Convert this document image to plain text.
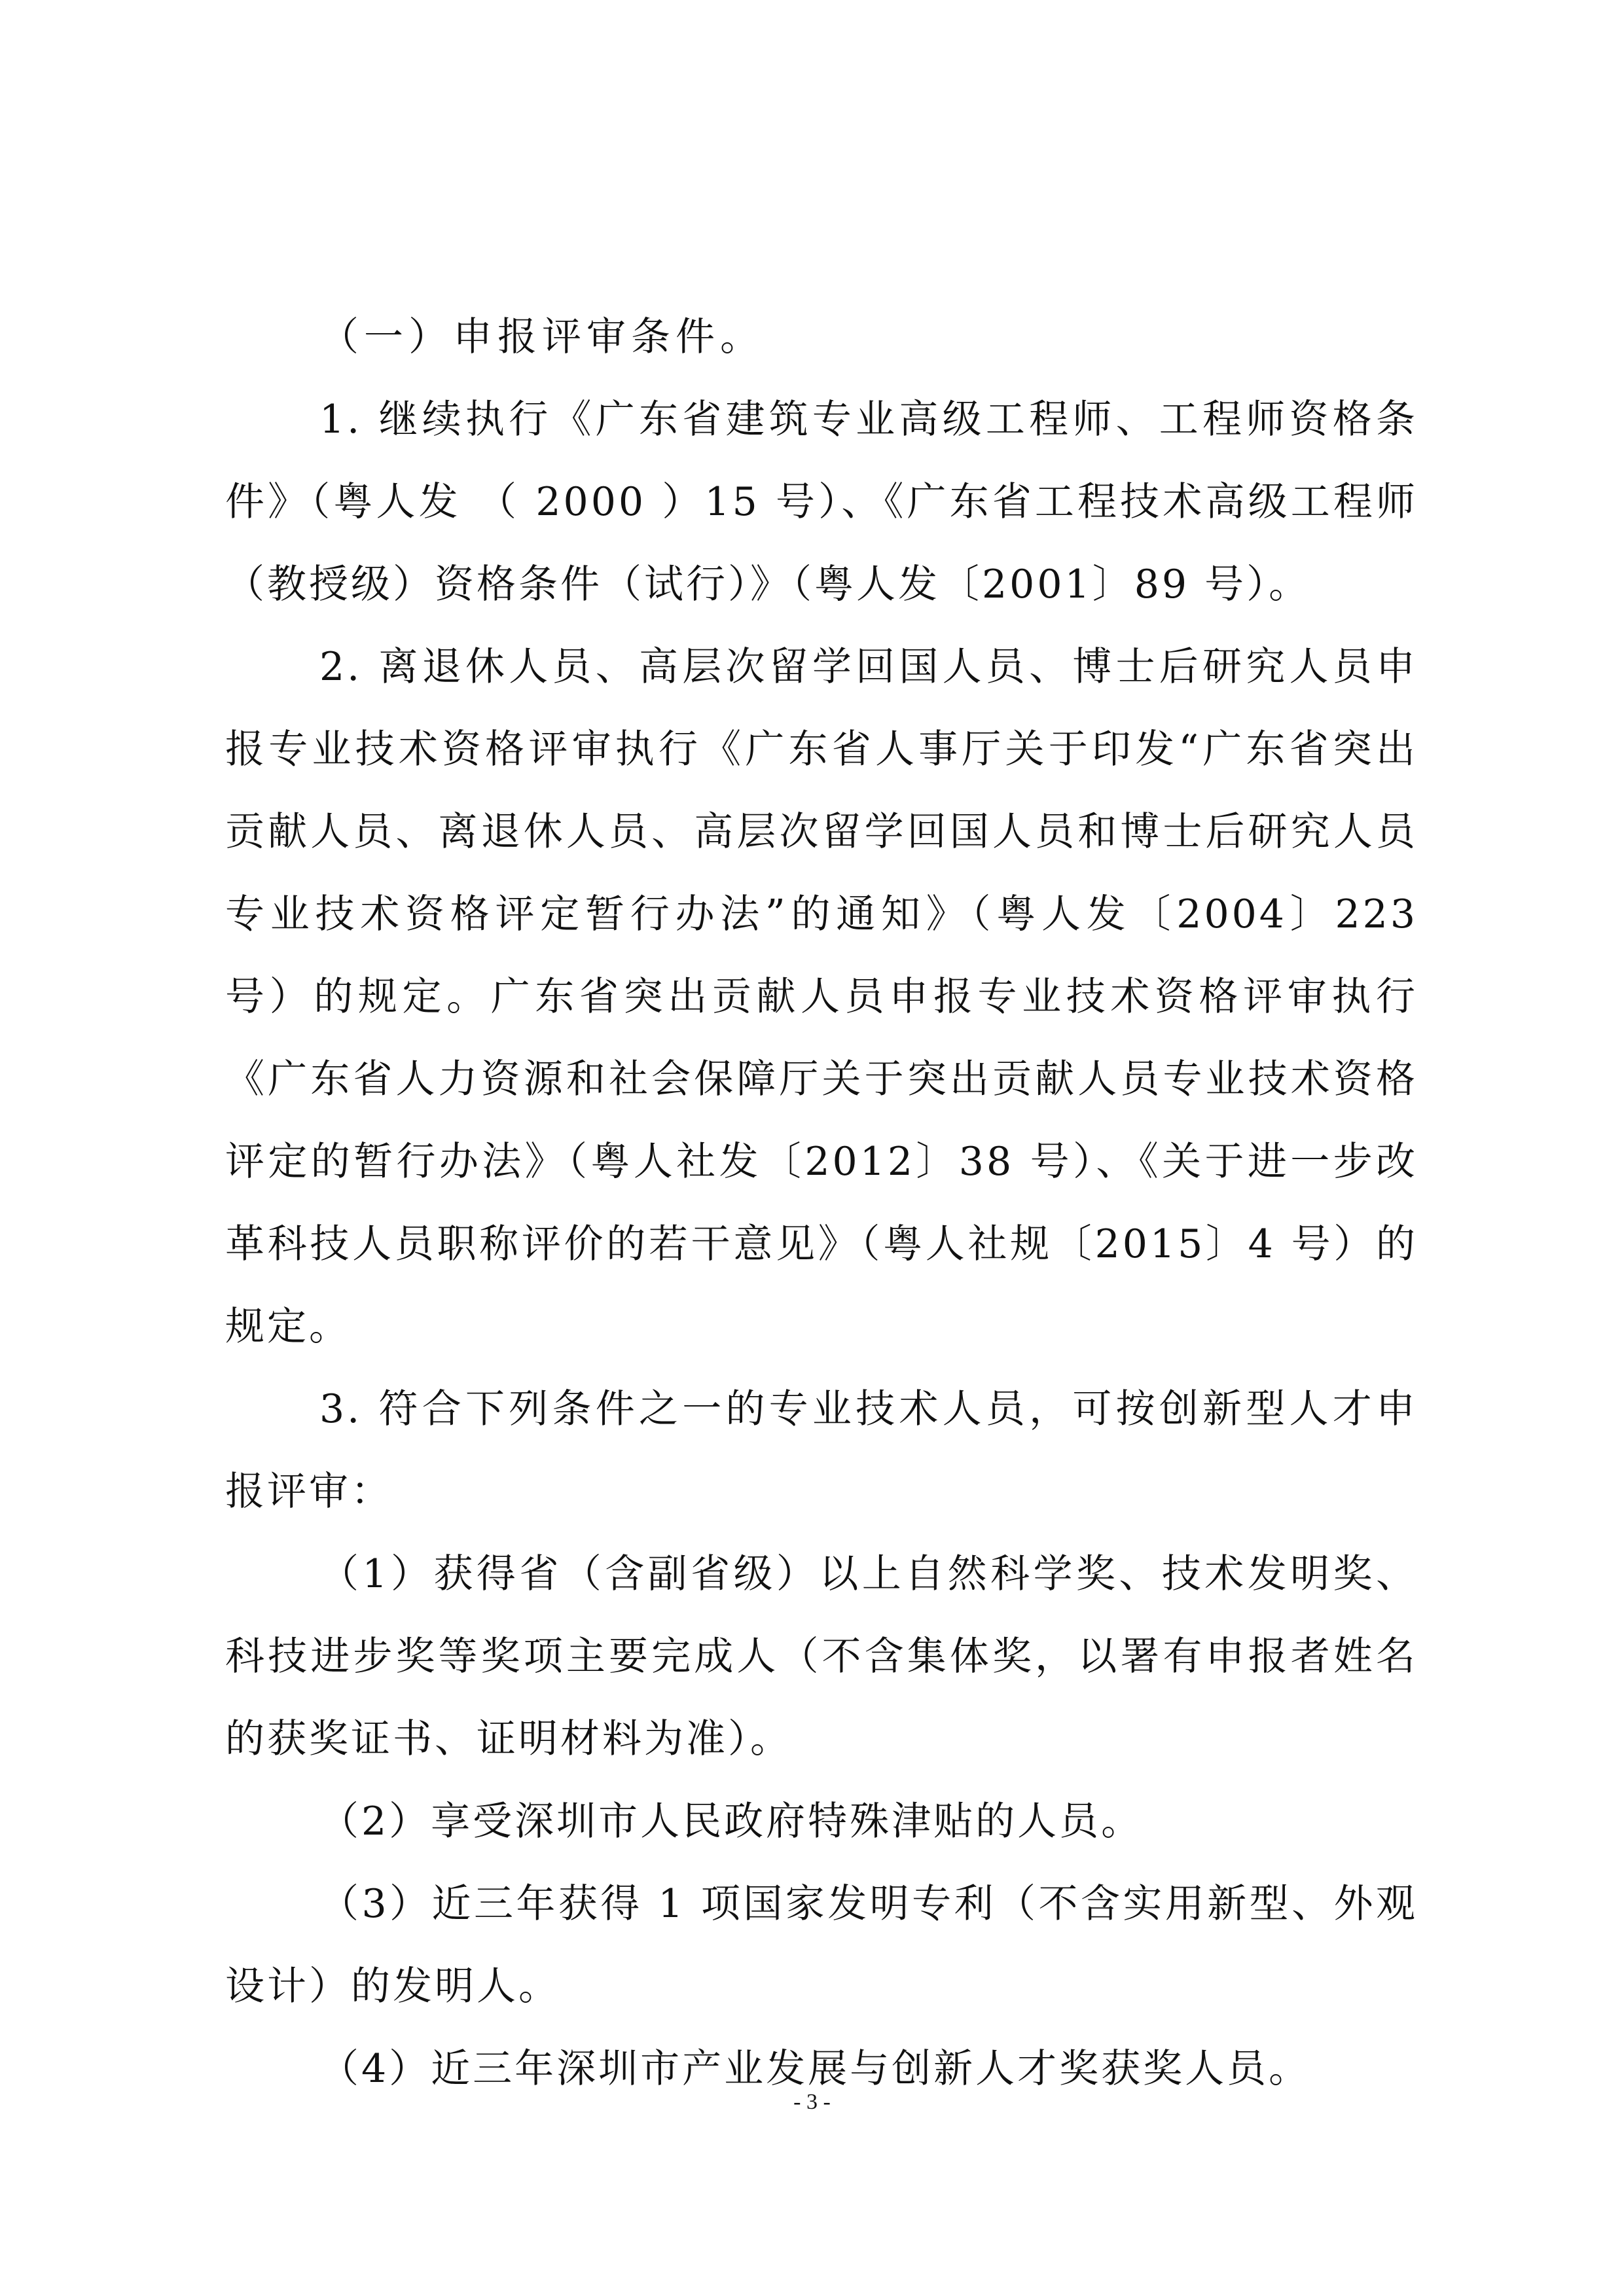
（一）申报评审条件。

1. 继续执行《广东省建筑专业高级工程师、工程师资格条件》（粤人发 （ 2000 ）15 号）、《广东省工程技术高级工程师（教授级）资格条件（试行）》（粤人发〔2001〕89 号）。

2. 离退休人员、高层次留学回国人员、博士后研究人员申报专业技术资格评审执行《广东省人事厅关于印发“广东省突出贡献人员、离退休人员、高层次留学回国人员和博士后研究人员专业技术资格评定暂行办法”的通知》（粤人发〔2004〕223 号）的规定。广东省突出贡献人员申报专业技术资格评审执行《广东省人力资源和社会保障厅关于突出贡献人员专业技术资格评定的暂行办法》（粤人社发〔2012〕38 号）、《关于进一步改革科技人员职称评价的若干意见》（粤人社规〔2015〕4 号）的规定。

3. 符合下列条件之一的专业技术人员，可按创新型人才申报评审：

（1）获得省（含副省级）以上自然科学奖、技术发明奖、科技进步奖等奖项主要完成人（不含集体奖，以署有申报者姓名的获奖证书、证明材料为准）。

（2）享受深圳市人民政府特殊津贴的人员。

（3）近三年获得 1 项国家发明专利（不含实用新型、外观设计）的发明人。

（4）近三年深圳市产业发展与创新人才奖获奖人员。

- 3 -
